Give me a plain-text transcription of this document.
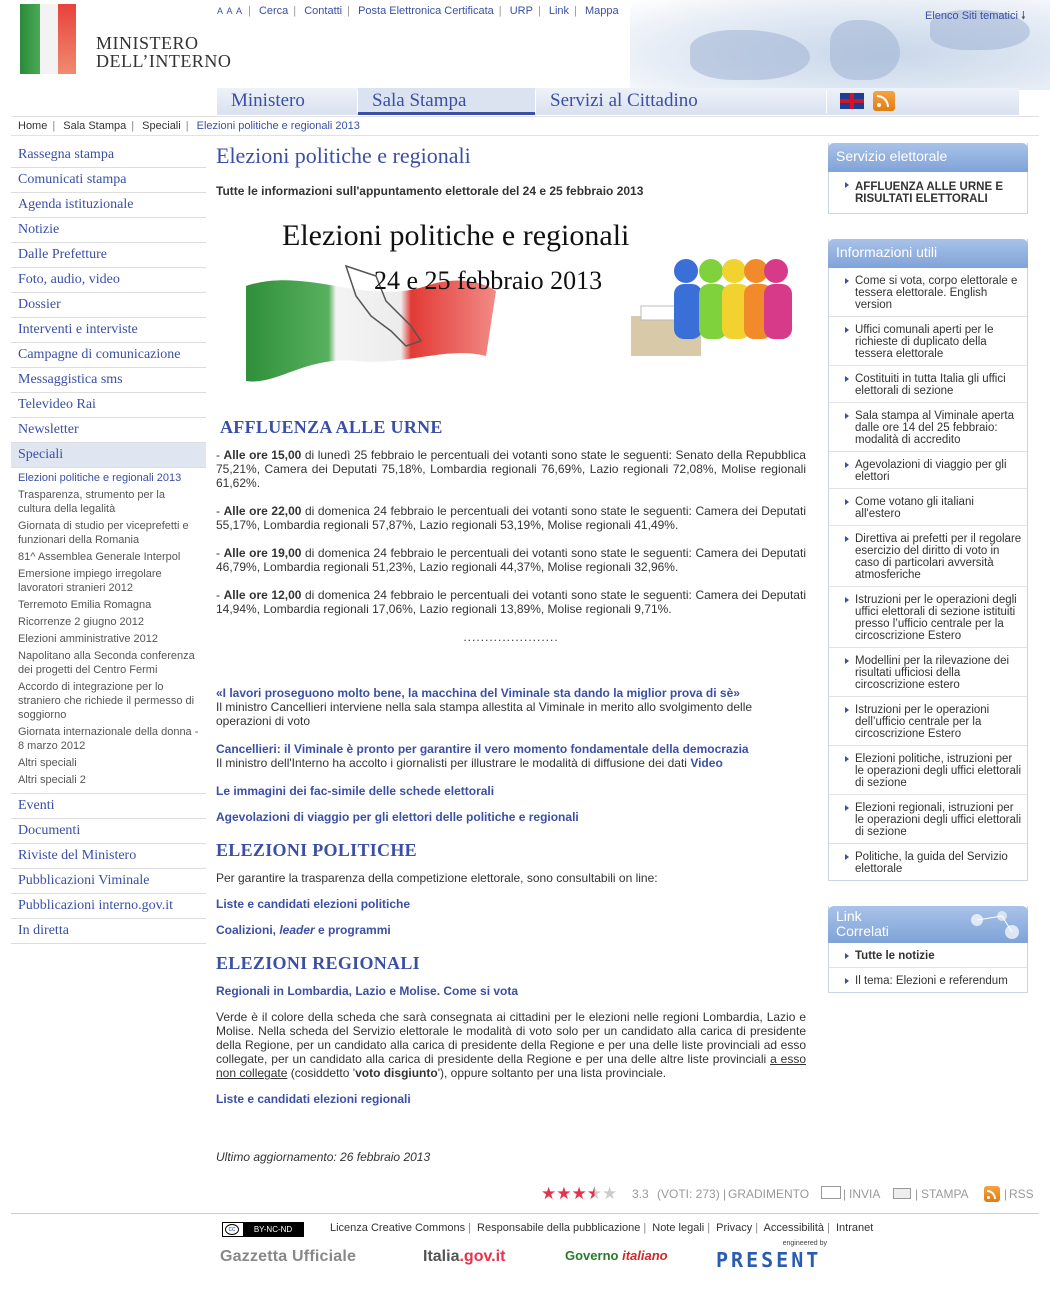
MINISTERO
DELL’INTERNO
A A A | Cerca | Contatti | Posta Elettronica Certificata | URP | Link | Mappa	Elenco Siti tematici 🠗
Ministero	Sala Stampa	Servizi al Cittadino
Home | Sala Stampa | Speciali | Elezioni politiche e regionali 2013
Rassegna stampa
Comunicati stampa
Agenda istituzionale
Notizie
Dalle Prefetture
Foto, audio, video
Dossier
Interventi e interviste
Campagne di comunicazione
Messaggistica sms
Televideo Rai
Newsletter
Speciali
Elezioni politiche e regionali 2013
Trasparenza, strumento per la cultura della legalità
Giornata di studio per viceprefetti e funzionari della Romania
81^ Assemblea Generale Interpol
Emersione impiego irregolare lavoratori stranieri 2012
Terremoto Emilia Romagna
Ricorrenze 2 giugno 2012
Elezioni amministrative 2012
Napolitano alla Seconda conferenza dei progetti del Centro Fermi
Accordo di integrazione per lo straniero che richiede il permesso di soggiorno
Giornata internazionale della donna - 8 marzo 2012
Altri speciali
Altri speciali 2
Eventi
Documenti
Riviste del Ministero
Pubblicazioni Viminale
Pubblicazioni interno.gov.it
In diretta
Elezioni politiche e regionali
Tutte le informazioni sull'appuntamento elettorale del 24 e 25 febbraio 2013
Elezioni politiche e regionali
24 e 25 febbraio 2013
AFFLUENZA ALLE URNE

- Alle ore 15,00 di lunedì 25 febbraio le percentuali dei votanti sono state le seguenti: Senato della Repubblica 75,21%, Camera dei Deputati 75,18%, Lombardia regionali 76,69%, Lazio regionali 72,08%, Molise regionali 61,62%.

- Alle ore 22,00 di domenica 24 febbraio le percentuali dei votanti sono state le seguenti: Camera dei Deputati 55,17%, Lombardia regionali 57,87%, Lazio regionali 53,19%, Molise regionali 41,49%.

- Alle ore 19,00 di domenica 24 febbraio le percentuali dei votanti sono state le seguenti: Camera dei Deputati 46,79%, Lombardia regionali 51,23%, Lazio regionali 44,37%, Molise regionali 32,96%.

- Alle ore 12,00 di domenica 24 febbraio le percentuali dei votanti sono state le seguenti: Camera dei Deputati 14,94%, Lombardia regionali 17,06%, Lazio regionali 13,89%, Molise regionali 9,71%.

......................
«I lavori proseguono molto bene, la macchina del Viminale sta dando la miglior prova di sè»
Il ministro Cancellieri interviene nella sala stampa allestita al Viminale in merito allo svolgimento delle operazioni di voto
Cancellieri: il Viminale è pronto per garantire il vero momento fondamentale della democrazia
Il ministro dell'Interno ha accolto i giornalisti per illustrare le modalità di diffusione dei dati Video
Le immagini dei fac-simile delle schede elettorali
Agevolazioni di viaggio per gli elettori delle politiche e regionali
ELEZIONI POLITICHE

Per garantire la trasparenza della competizione elettorale, sono consultabili on line:

Liste e candidati elezioni politiche
Coalizioni, leader e programmi
ELEZIONI REGIONALI
Regionali in Lombardia, Lazio e Molise. Come si vota

Verde è il colore della scheda che sarà consegnata ai cittadini per le elezioni nelle regioni Lombardia, Lazio e Molise. Nella scheda del Servizio elettorale le modalità di voto solo per un candidato alla carica di presidente della Regione, per un candidato alla carica di presidente della Regione e per una delle liste provinciali ad esso collegate, per un candidato alla carica di presidente della Regione e per una delle altre liste provinciali a esso non collegate (cosiddetto 'voto disgiunto'), oppure soltanto per una lista provinciale.

Liste e candidati elezioni regionali

Ultimo aggiornamento: 26 febbraio 2013

Servizio elettorale
AFFLUENZA ALLE URNE E RISULTATI ELETTORALI
Informazioni utili
Come si vota, corpo elettorale e tessera elettorale. English version
Uffici comunali aperti per le richieste di duplicato della tessera elettorale
Costituiti in tutta Italia gli uffici elettorali di sezione
Sala stampa al Viminale aperta dalle ore 14 del 25 febbraio: modalità di accredito
Agevolazioni di viaggio per gli elettori
Come votano gli italiani all'estero
Direttiva ai prefetti per il regolare esercizio del diritto di voto in caso di particolari avversità atmosferiche
Istruzioni per le operazioni degli uffici elettorali di sezione istituiti presso l’ufficio centrale per la circoscrizione Estero
Modellini per la rilevazione dei risultati ufficiosi della circoscrizione estero
Istruzioni per le operazioni dell’ufficio centrale per la circoscrizione Estero
Elezioni politiche, istruzioni per le operazioni degli uffici elettorali di sezione
Elezioni regionali, istruzioni per le operazioni degli uffici elettorali di sezione
Politiche, la guida del Servizio elettorale
Link
Correlati
Tutte le notizie
Il tema: Elezioni e referendum
★★★★★ 3.3 (VOTI: 273) | GRADIMENTO	| INVIA	| STAMPA	| RSS
cc	BY-NC-ND	Licenza Creative Commons | Responsabile della pubblicazione | Note legali | Privacy | Accessibilità | Intranet
Gazzetta Ufficiale	Italia.gov.it	Governo italiano
engineered by
PRESENT
